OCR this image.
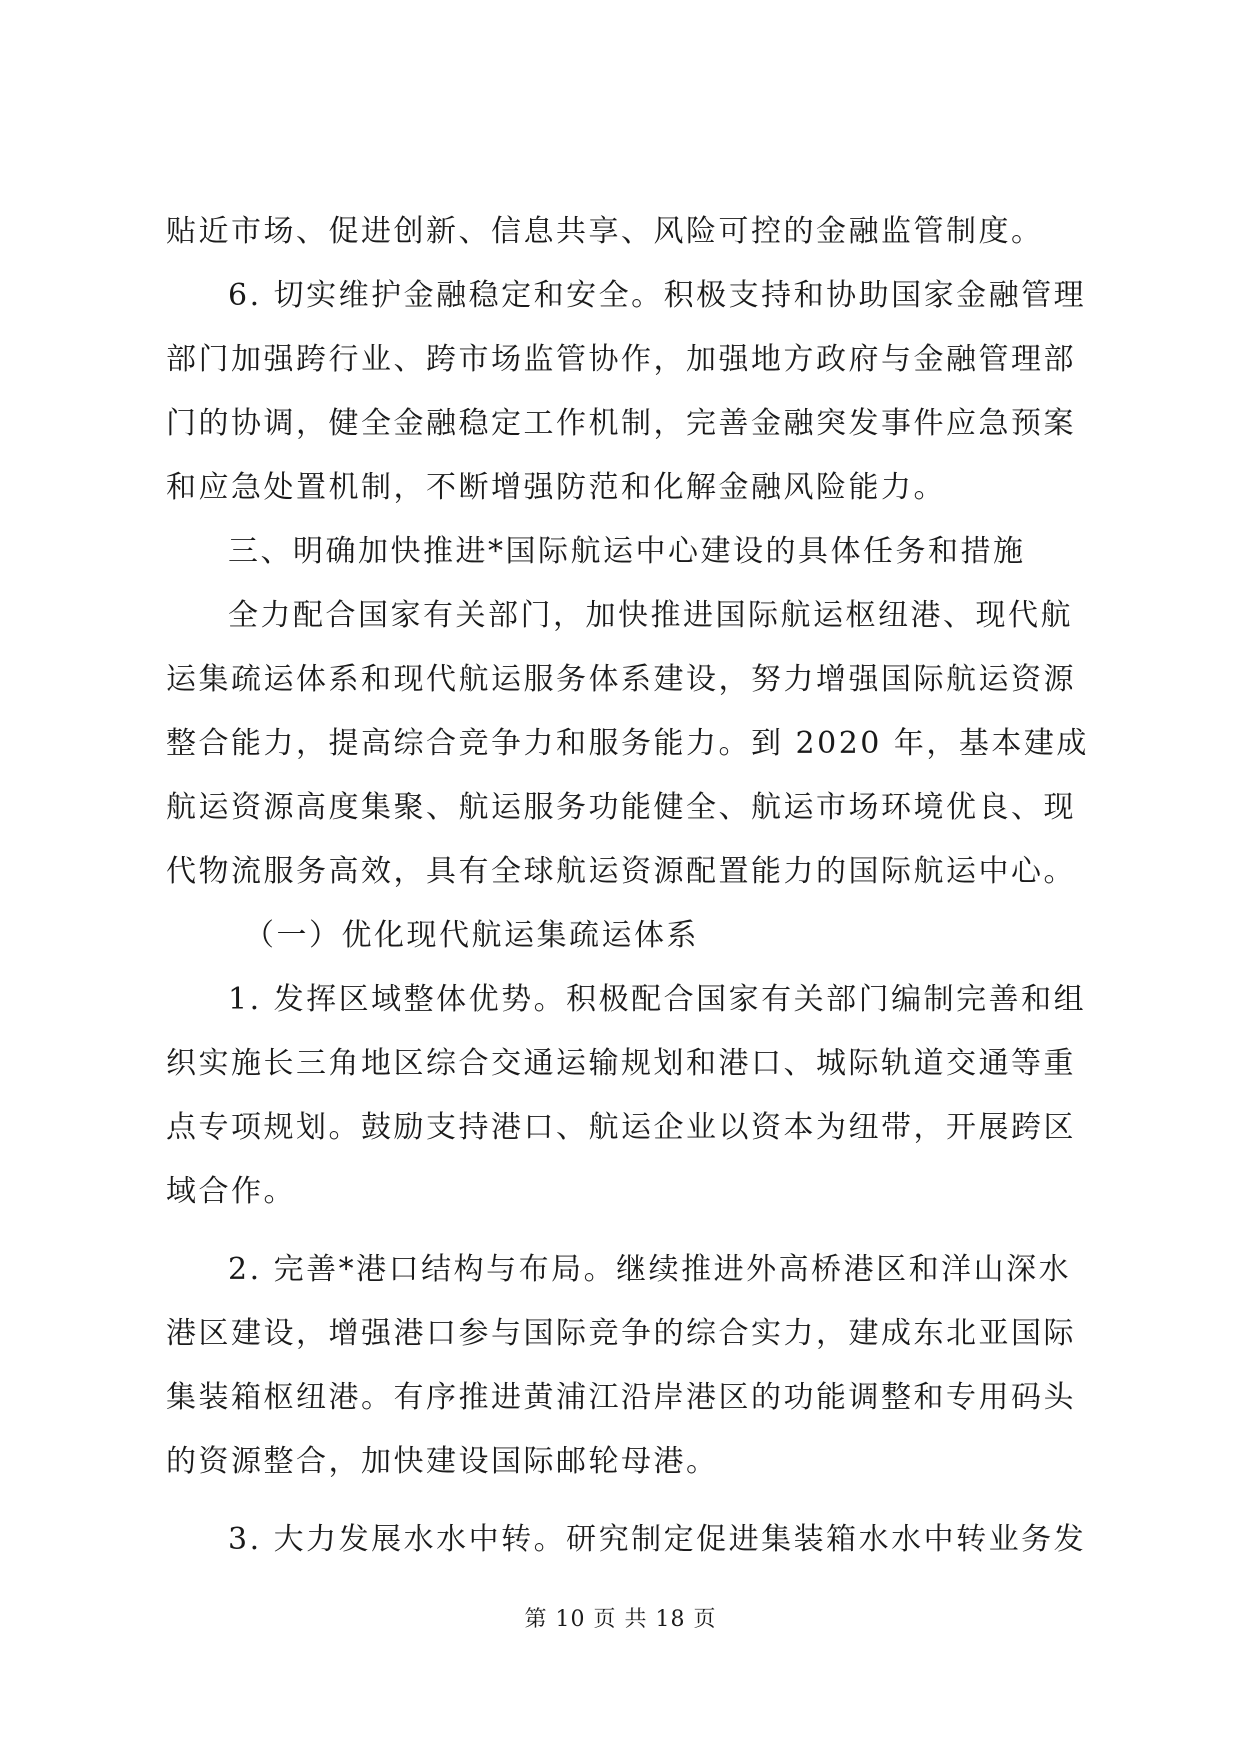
贴近市场、促进创新、信息共享、风险可控的金融监管制度。
6. 切实维护金融稳定和安全。积极支持和协助国家金融管理
部门加强跨行业、跨市场监管协作，加强地方政府与金融管理部
门的协调，健全金融稳定工作机制，完善金融突发事件应急预案
和应急处置机制，不断增强防范和化解金融风险能力。
三、明确加快推进*国际航运中心建设的具体任务和措施
全力配合国家有关部门，加快推进国际航运枢纽港、现代航
运集疏运体系和现代航运服务体系建设，努力增强国际航运资源
整合能力，提高综合竞争力和服务能力。到 2020 年，基本建成
航运资源高度集聚、航运服务功能健全、航运市场环境优良、现
代物流服务高效，具有全球航运资源配置能力的国际航运中心。
（一）优化现代航运集疏运体系
1. 发挥区域整体优势。积极配合国家有关部门编制完善和组
织实施长三角地区综合交通运输规划和港口、城际轨道交通等重
点专项规划。鼓励支持港口、航运企业以资本为纽带，开展跨区
域合作。
2. 完善*港口结构与布局。继续推进外高桥港区和洋山深水
港区建设，增强港口参与国际竞争的综合实力，建成东北亚国际
集装箱枢纽港。有序推进黄浦江沿岸港区的功能调整和专用码头
的资源整合，加快建设国际邮轮母港。
3. 大力发展水水中转。研究制定促进集装箱水水中转业务发
第 10 页 共 18 页
